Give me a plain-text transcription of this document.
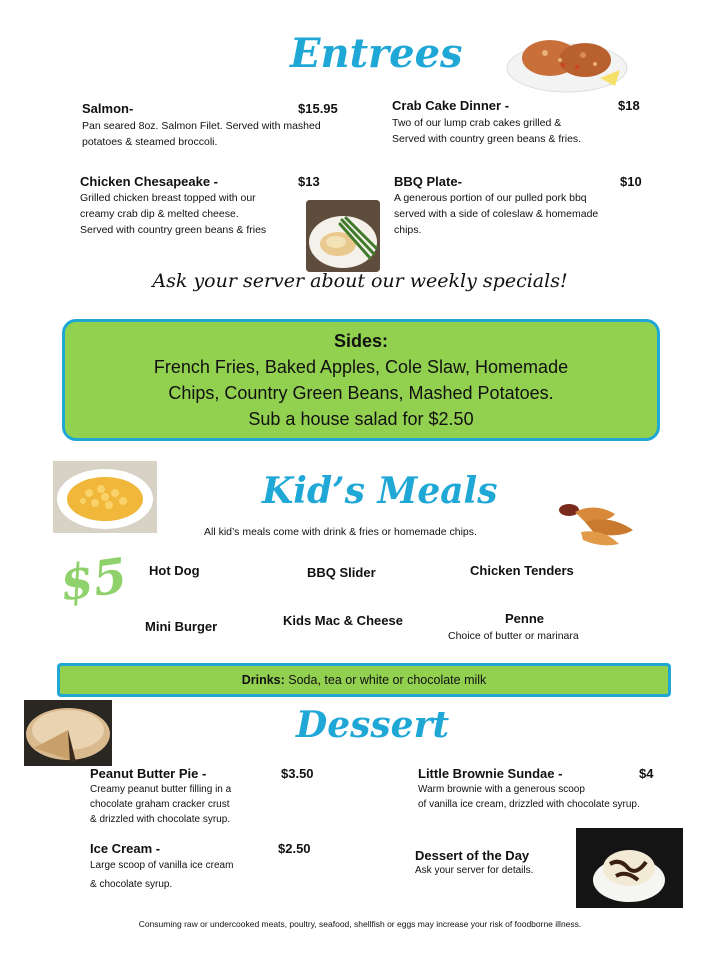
Entrees
Salmon-	$15.95
Pan seared 8oz. Salmon Filet. Served with mashed
potatoes & steamed broccoli.
Crab Cake Dinner -	$18
Two of our lump crab cakes grilled &
Served with country green beans & fries.
Chicken Chesapeake -	$13
Grilled chicken breast topped with our
creamy crab dip & melted cheese.
Served with country green beans & fries
BBQ Plate-	$10
A generous portion of our pulled pork bbq
served with a side of coleslaw & homemade
chips.
Ask your server about our weekly specials!
Sides:
French Fries, Baked Apples, Cole Slaw, Homemade
Chips, Country Green Beans, Mashed Potatoes.
Sub a house salad for $2.50
Kid’s Meals
All kid’s meals come with drink & fries or homemade chips.
$5 Hot Dog	BBQ Slider	Chicken Tenders
Mini Burger	Kids Mac & Cheese	Penne
Choice of butter or marinara
Drinks: Soda, tea or white or chocolate milk
Dessert
Peanut Butter Pie -	$3.50
Creamy peanut butter filling in a
chocolate graham cracker crust
& drizzled with chocolate syrup.
Little Brownie Sundae -	$4
Warm brownie with a generous scoop
of vanilla ice cream, drizzled with chocolate syrup.
Ice Cream -	$2.50
Large scoop of vanilla ice cream
& chocolate syrup.
Dessert of the Day
Ask your server for details.
Consuming raw or undercooked meats, poultry, seafood, shellfish or eggs may increase your risk of foodborne illness.
